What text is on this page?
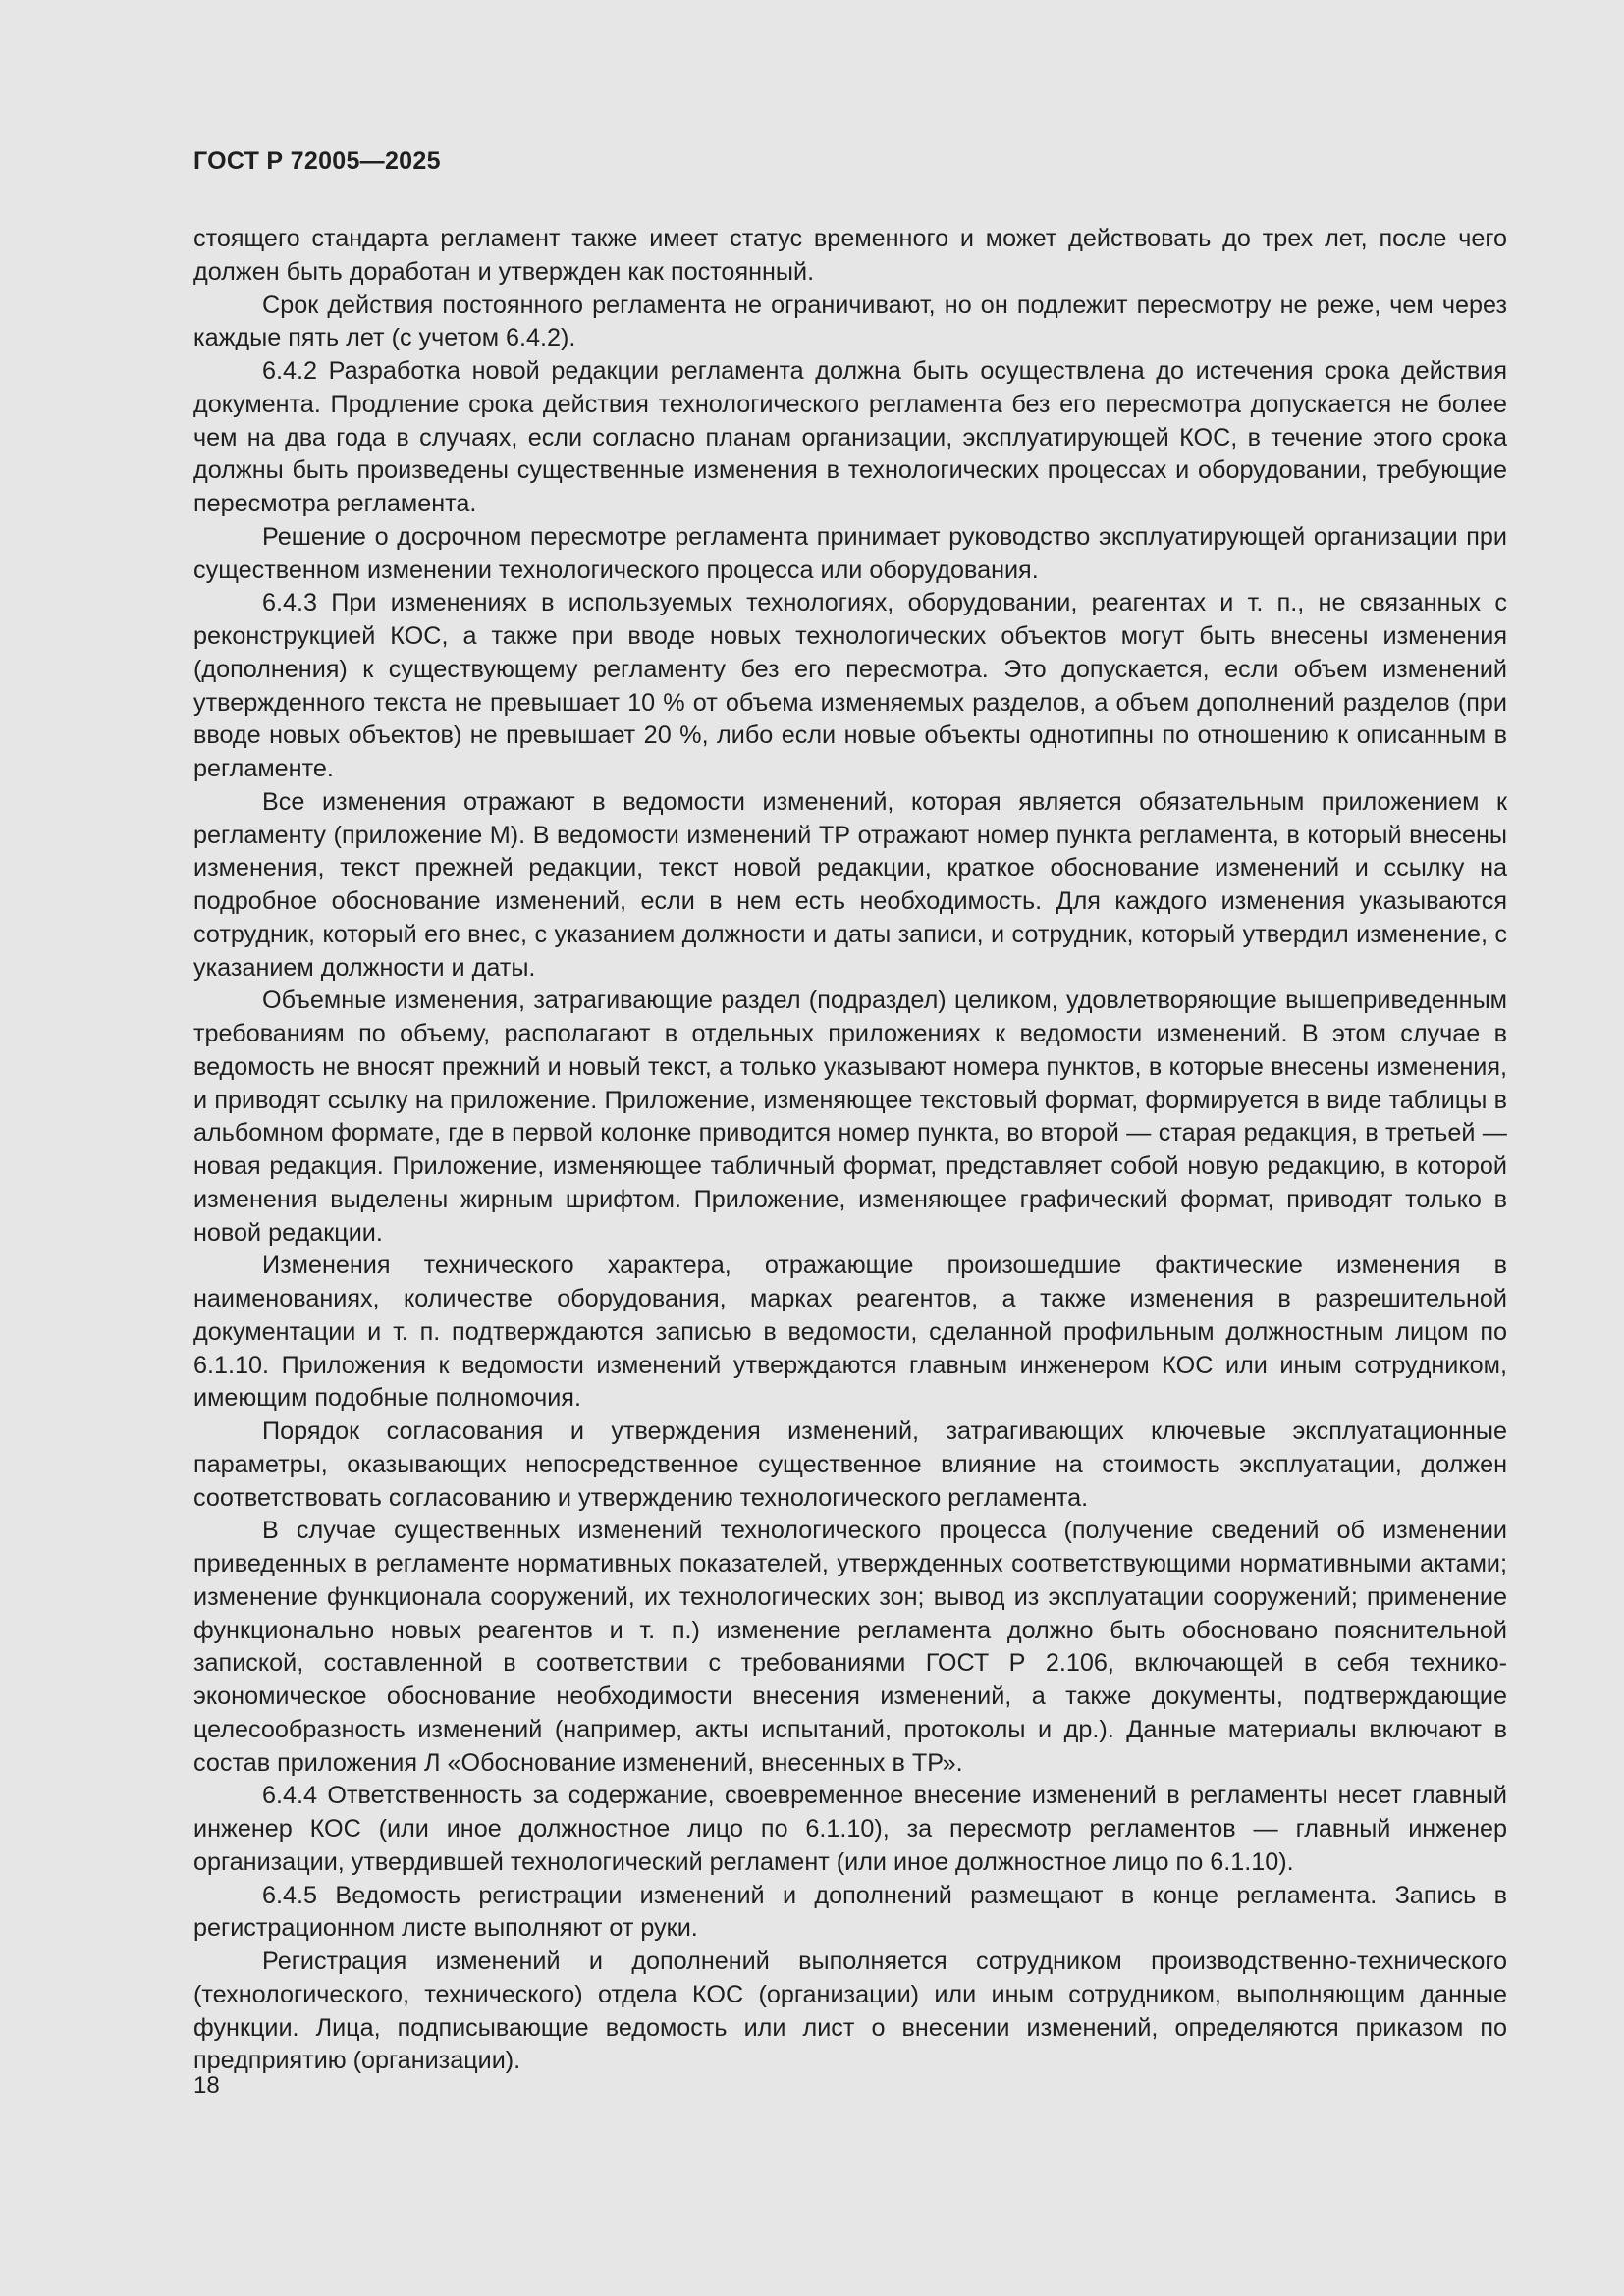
ГОСТ Р 72005—2025

стоящего стандарта регламент также имеет статус временного и может действовать до трех лет, после чего должен быть доработан и утвержден как постоянный.

Срок действия постоянного регламента не ограничивают, но он подлежит пересмотру не реже, чем через каждые пять лет (с учетом 6.4.2).

6.4.2 Разработка новой редакции регламента должна быть осуществлена до истечения срока действия документа. Продление срока действия технологического регламента без его пересмотра допускается не более чем на два года в случаях, если согласно планам организации, эксплуатирующей КОС, в течение этого срока должны быть произведены существенные изменения в технологических процессах и оборудовании, требующие пересмотра регламента.

Решение о досрочном пересмотре регламента принимает руководство эксплуатирующей организации при существенном изменении технологического процесса или оборудования.

6.4.3 При изменениях в используемых технологиях, оборудовании, реагентах и т. п., не связанных с реконструкцией КОС, а также при вводе новых технологических объектов могут быть внесены изменения (дополнения) к существующему регламенту без его пересмотра. Это допускается, если объем изменений утвержденного текста не превышает 10 % от объема изменяемых разделов, а объем дополнений разделов (при вводе новых объектов) не превышает 20 %, либо если новые объекты однотипны по отношению к описанным в регламенте.

Все изменения отражают в ведомости изменений, которая является обязательным приложением к регламенту (приложение М). В ведомости изменений ТР отражают номер пункта регламента, в который внесены изменения, текст прежней редакции, текст новой редакции, краткое обоснование изменений и ссылку на подробное обоснование изменений, если в нем есть необходимость. Для каждого изменения указываются сотрудник, который его внес, с указанием должности и даты записи, и сотрудник, который утвердил изменение, с указанием должности и даты.

Объемные изменения, затрагивающие раздел (подраздел) целиком, удовлетворяющие вышеприведенным требованиям по объему, располагают в отдельных приложениях к ведомости изменений. В этом случае в ведомость не вносят прежний и новый текст, а только указывают номера пунктов, в которые внесены изменения, и приводят ссылку на приложение. Приложение, изменяющее текстовый формат, формируется в виде таблицы в альбомном формате, где в первой колонке приводится номер пункта, во второй — старая редакция, в третьей — новая редакция. Приложение, изменяющее табличный формат, представляет собой новую редакцию, в которой изменения выделены жирным шрифтом. Приложение, изменяющее графический формат, приводят только в новой редакции.

Изменения технического характера, отражающие произошедшие фактические изменения в наименованиях, количестве оборудования, марках реагентов, а также изменения в разрешительной документации и т. п. подтверждаются записью в ведомости, сделанной профильным должностным лицом по 6.1.10. Приложения к ведомости изменений утверждаются главным инженером КОС или иным сотрудником, имеющим подобные полномочия.

Порядок согласования и утверждения изменений, затрагивающих ключевые эксплуатационные параметры, оказывающих непосредственное существенное влияние на стоимость эксплуатации, должен соответствовать согласованию и утверждению технологического регламента.

В случае существенных изменений технологического процесса (получение сведений об изменении приведенных в регламенте нормативных показателей, утвержденных соответствующими нормативными актами; изменение функционала сооружений, их технологических зон; вывод из эксплуатации сооружений; применение функционально новых реагентов и т. п.) изменение регламента должно быть обосновано пояснительной запиской, составленной в соответствии с требованиями ГОСТ Р 2.106, включающей в себя технико-экономическое обоснование необходимости внесения изменений, а также документы, подтверждающие целесообразность изменений (например, акты испытаний, протоколы и др.). Данные материалы включают в состав приложения Л «Обоснование изменений, внесенных в ТР».

6.4.4 Ответственность за содержание, своевременное внесение изменений в регламенты несет главный инженер КОС (или иное должностное лицо по 6.1.10), за пересмотр регламентов — главный инженер организации, утвердившей технологический регламент (или иное должностное лицо по 6.1.10).

6.4.5 Ведомость регистрации изменений и дополнений размещают в конце регламента. Запись в регистрационном листе выполняют от руки.

Регистрация изменений и дополнений выполняется сотрудником производственно-технического (технологического, технического) отдела КОС (организации) или иным сотрудником, выполняющим данные функции. Лица, подписывающие ведомость или лист о внесении изменений, определяются приказом по предприятию (организации).

18
